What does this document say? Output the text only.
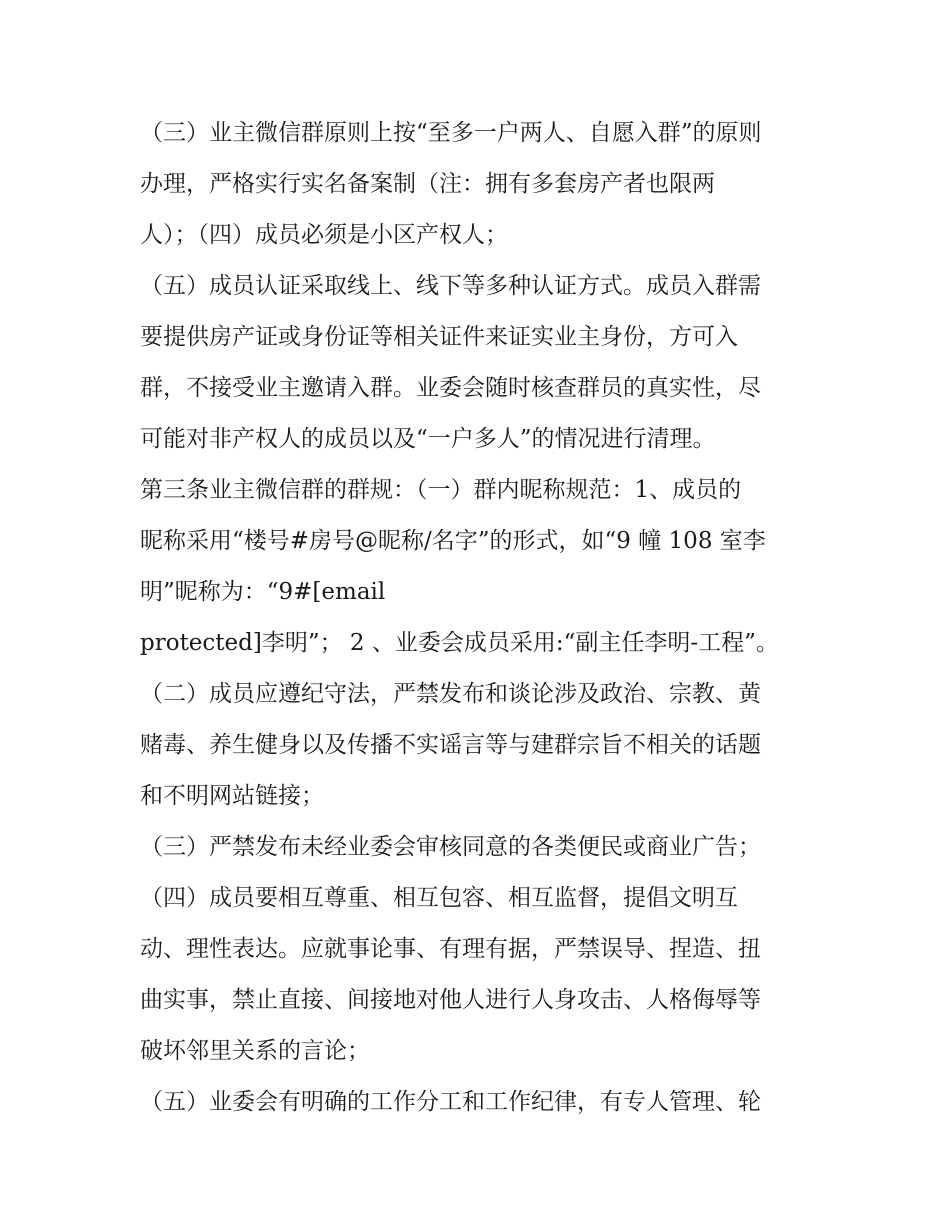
（三）业主微信群原则上按“至多一户两人、自愿入群”的原则
办理，严格实行实名备案制（注：拥有多套房产者也限两
人）；（四）成员必须是小区产权人；
（五）成员认证采取线上、线下等多种认证方式。成员入群需
要提供房产证或身份证等相关证件来证实业主身份，方可入
群，不接受业主邀请入群。业委会随时核查群员的真实性，尽
可能对非产权人的成员以及“一户多人”的情况进行清理。
第三条业主微信群的群规：（一）群内昵称规范：1、成员的
昵称采用“楼号#房号@昵称/名字”的形式，如“9 幢 108 室李
明”昵称为：“9#[email
protected]李明”； 2 、业委会成员采用:“副主任李明-工程”。
（二）成员应遵纪守法，严禁发布和谈论涉及政治、宗教、黄
赌毒、养生健身以及传播不实谣言等与建群宗旨不相关的话题
和不明网站链接；
（三）严禁发布未经业委会审核同意的各类便民或商业广告；
（四）成员要相互尊重、相互包容、相互监督，提倡文明互
动、理性表达。应就事论事、有理有据，严禁误导、捏造、扭
曲实事，禁止直接、间接地对他人进行人身攻击、人格侮辱等
破坏邻里关系的言论；
（五）业委会有明确的工作分工和工作纪律，有专人管理、轮
